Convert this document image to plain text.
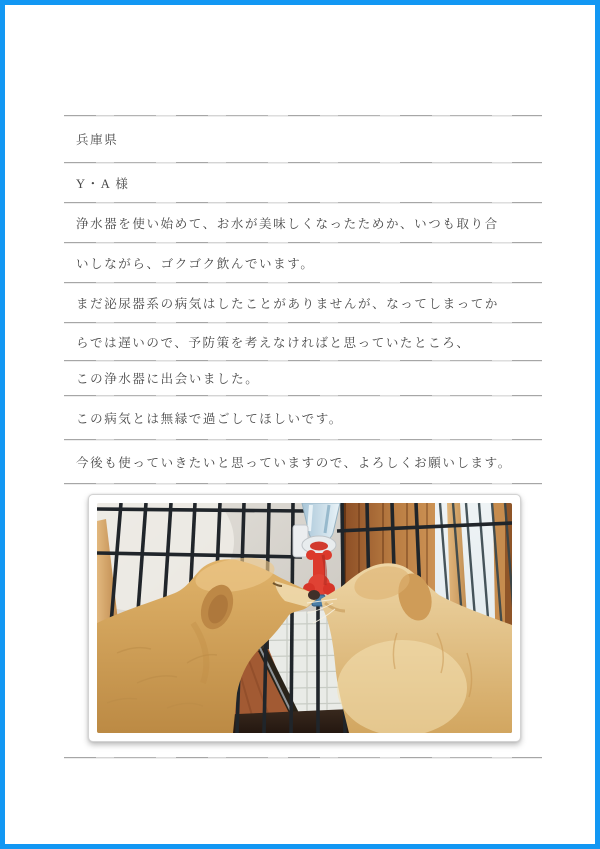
兵庫県
Y・A 様
浄水器を使い始めて、お水が美味しくなったためか、いつも取り合
いしながら、ゴクゴク飲んでいます。
まだ泌尿器系の病気はしたことがありませんが、なってしまってか
らでは遅いので、予防策を考えなければと思っていたところ、
この浄水器に出会いました。
この病気とは無縁で過ごしてほしいです。
今後も使っていきたいと思っていますので、よろしくお願いします。
